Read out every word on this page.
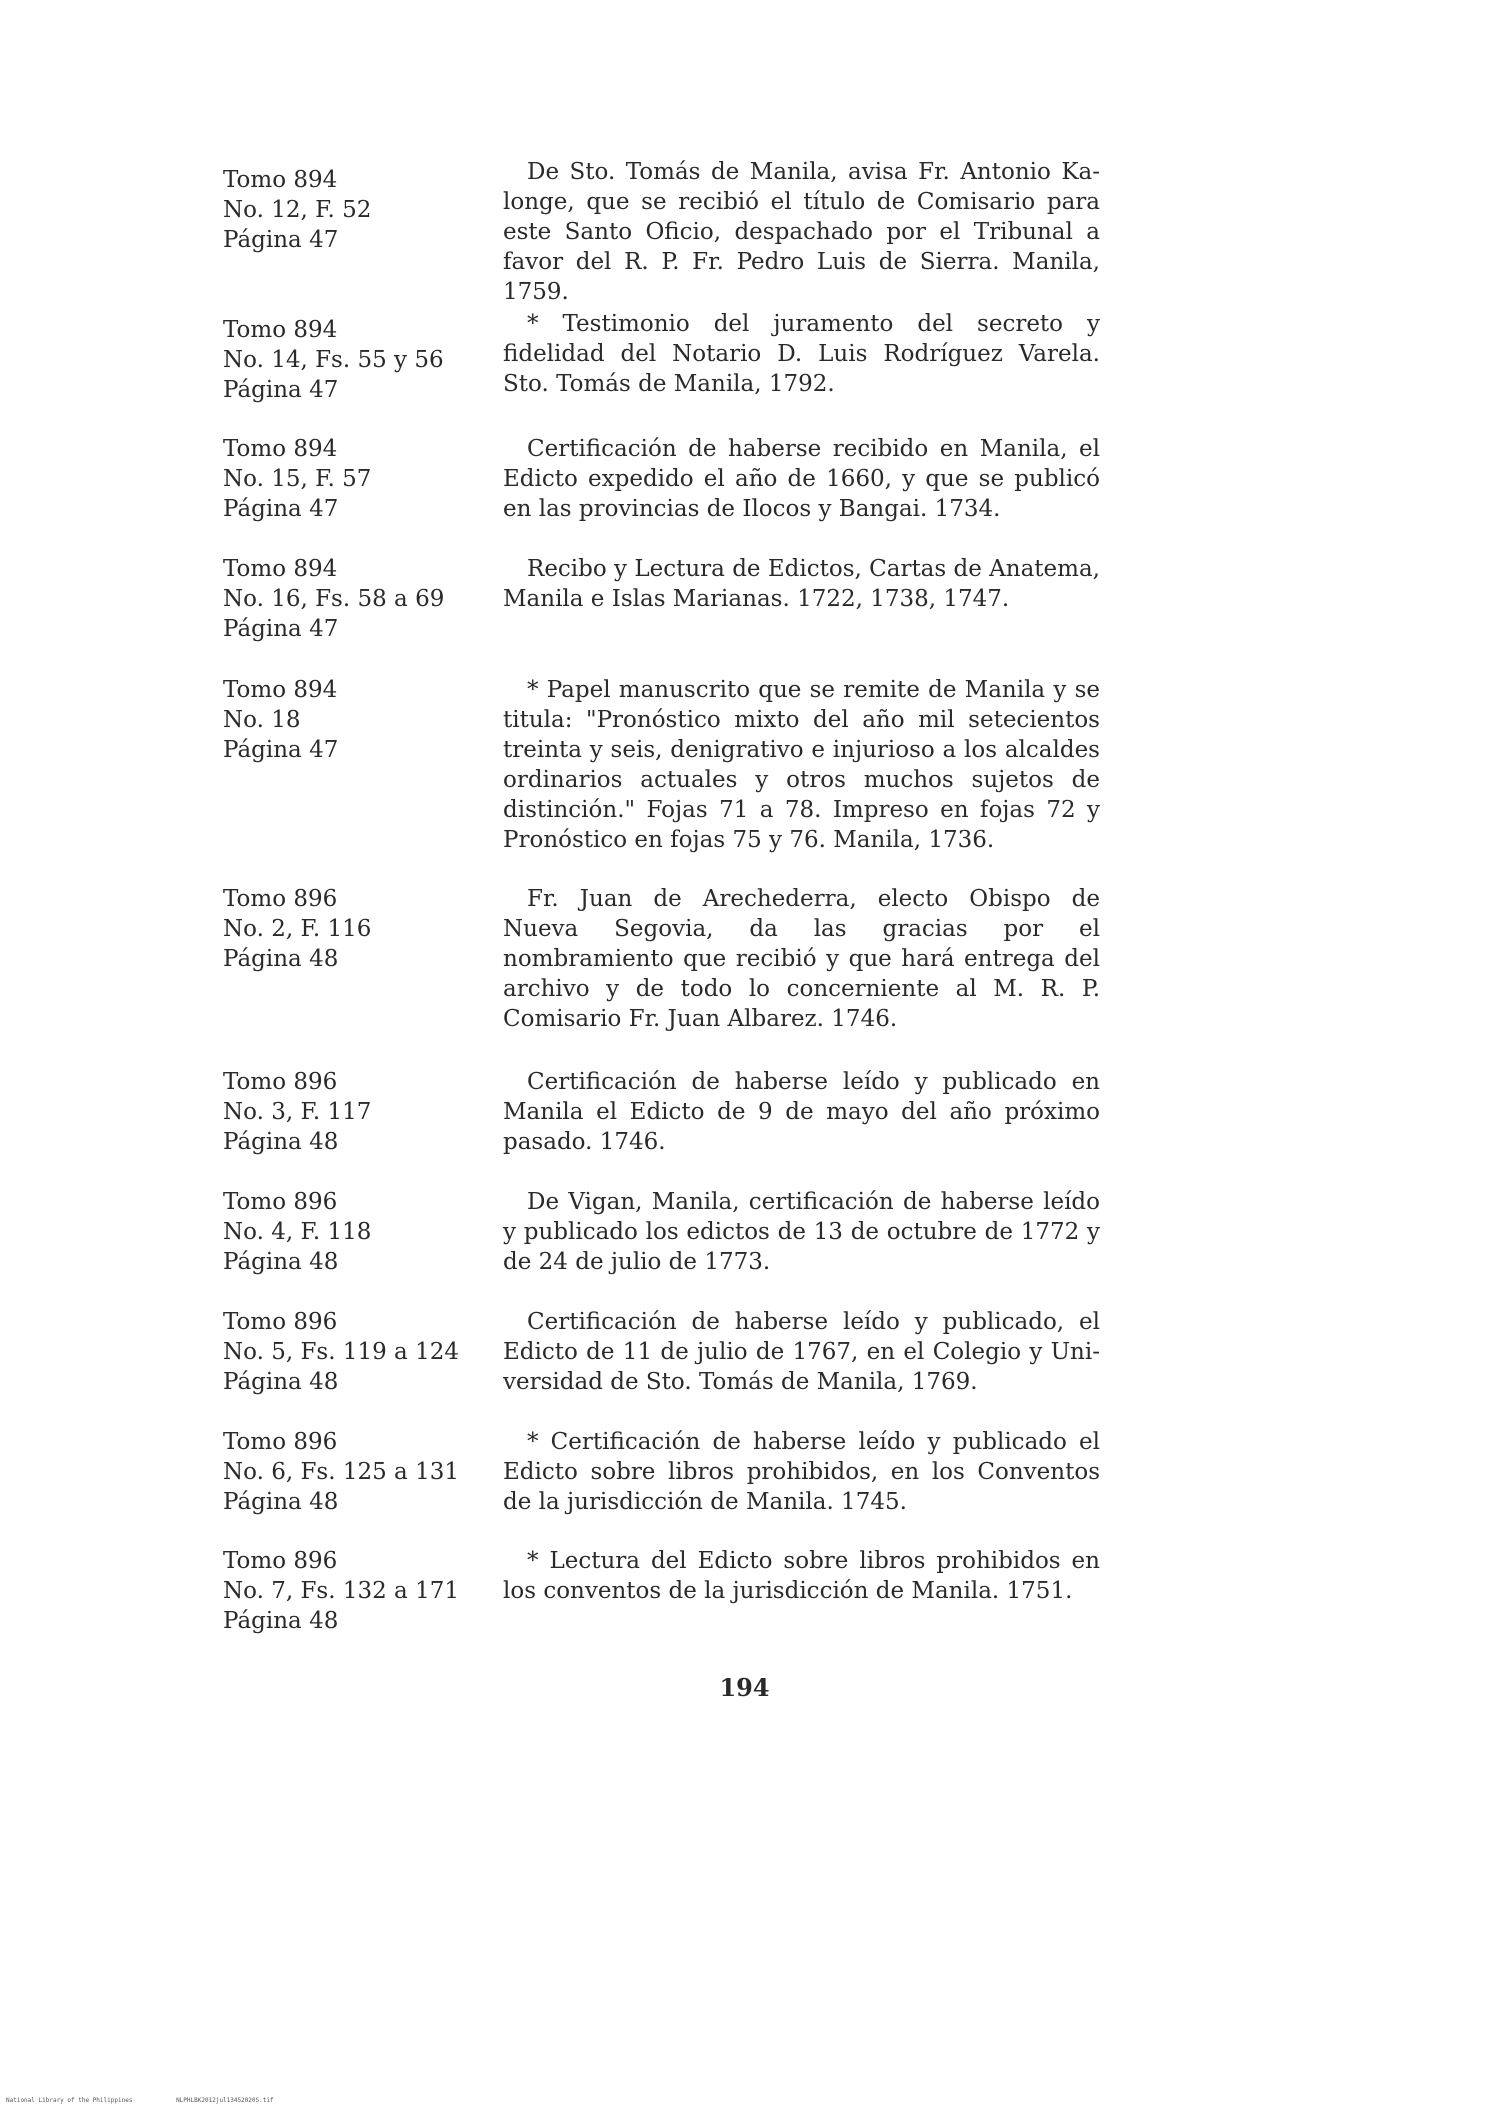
Tomo 894
No. 12, F. 52
Página 47
De Sto. Tomás de Manila, avisa Fr. Antonio Kalonge, que se recibió el título de Comisario para este Santo Oficio, despachado por el Tribunal a favor del R. P. Fr. Pedro Luis de Sierra. Manila, 1759.
Tomo 894
No. 14, Fs. 55 y 56
Página 47
* Testimonio del juramento del secreto y fidelidad del Notario D. Luis Rodríguez Varela. Sto. Tomás de Manila, 1792.
Tomo 894
No. 15, F. 57
Página 47
Certificación de haberse recibido en Manila, el Edicto expedido el año de 1660, y que se publicó en las provincias de Ilocos y Bangai. 1734.
Tomo 894
No. 16, Fs. 58 a 69
Página 47
Recibo y Lectura de Edictos, Cartas de Anatema, Manila e Islas Marianas. 1722, 1738, 1747.
Tomo 894
No. 18
Página 47
* Papel manuscrito que se remite de Manila y se titula: "Pronóstico mixto del año mil setecientos treinta y seis, denigrativo e injurioso a los alcaldes ordinarios actuales y otros muchos sujetos de distinción." Fojas 71 a 78. Impreso en fojas 72 y Pronóstico en fojas 75 y 76. Manila, 1736.
Tomo 896
No. 2, F. 116
Página 48
Fr. Juan de Arechederra, electo Obispo de Nueva Segovia, da las gracias por el nombramiento que recibió y que hará entrega del archivo y de todo lo concerniente al M. R. P. Comisario Fr. Juan Albarez. 1746.
Tomo 896
No. 3, F. 117
Página 48
Certificación de haberse leído y publicado en Manila el Edicto de 9 de mayo del año próximo pasado. 1746.
Tomo 896
No. 4, F. 118
Página 48
De Vigan, Manila, certificación de haberse leído y publicado los edictos de 13 de octubre de 1772 y de 24 de julio de 1773.
Tomo 896
No. 5, Fs. 119 a 124
Página 48
Certificación de haberse leído y publicado, el Edicto de 11 de julio de 1767, en el Colegio y Universidad de Sto. Tomás de Manila, 1769.
Tomo 896
No. 6, Fs. 125 a 131
Página 48
* Certificación de haberse leído y publicado el Edicto sobre libros prohibidos, en los Conventos de la jurisdicción de Manila. 1745.
Tomo 896
No. 7, Fs. 132 a 171
Página 48
* Lectura del Edicto sobre libros prohibidos en los conventos de la jurisdicción de Manila. 1751.
194
National Library of the Philippines	NLPHLBK2012jul13452020S.tif
